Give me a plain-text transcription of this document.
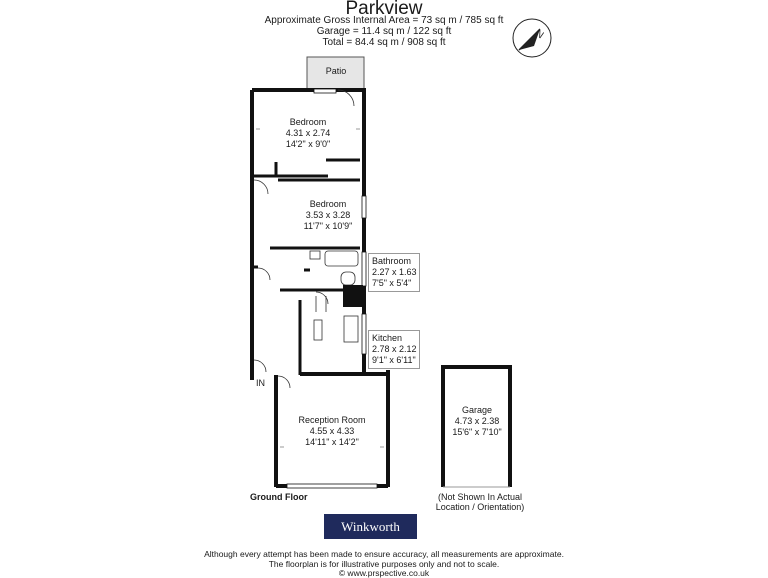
Parkview
Approximate Gross Internal Area = 73 sq m / 785 sq ft
Garage = 11.4 sq m / 122 sq ft
Total = 84.4 sq m / 908 sq ft
N
Bedroom
4.31 x 2.74
14'2" x 9'0"
Bedroom
3.53 x 3.28
11'7" x 10'9"
Bathroom
2.27 x 1.63
7'5" x 5'4"
Kitchen
2.78 x 2.12
9'1" x 6'11"
Reception Room
4.55 x 4.33
14'11" x 14'2"
Garage
4.73 x 2.38
15'6" x 7'10"
Patio
IN
Ground Floor	(Not Shown In Actual
Location / Orientation)
Winkworth
Although every attempt has been made to ensure accuracy, all measurements are approximate.
The floorplan is for illustrative purposes only and not to scale.
© www.prspective.co.uk
